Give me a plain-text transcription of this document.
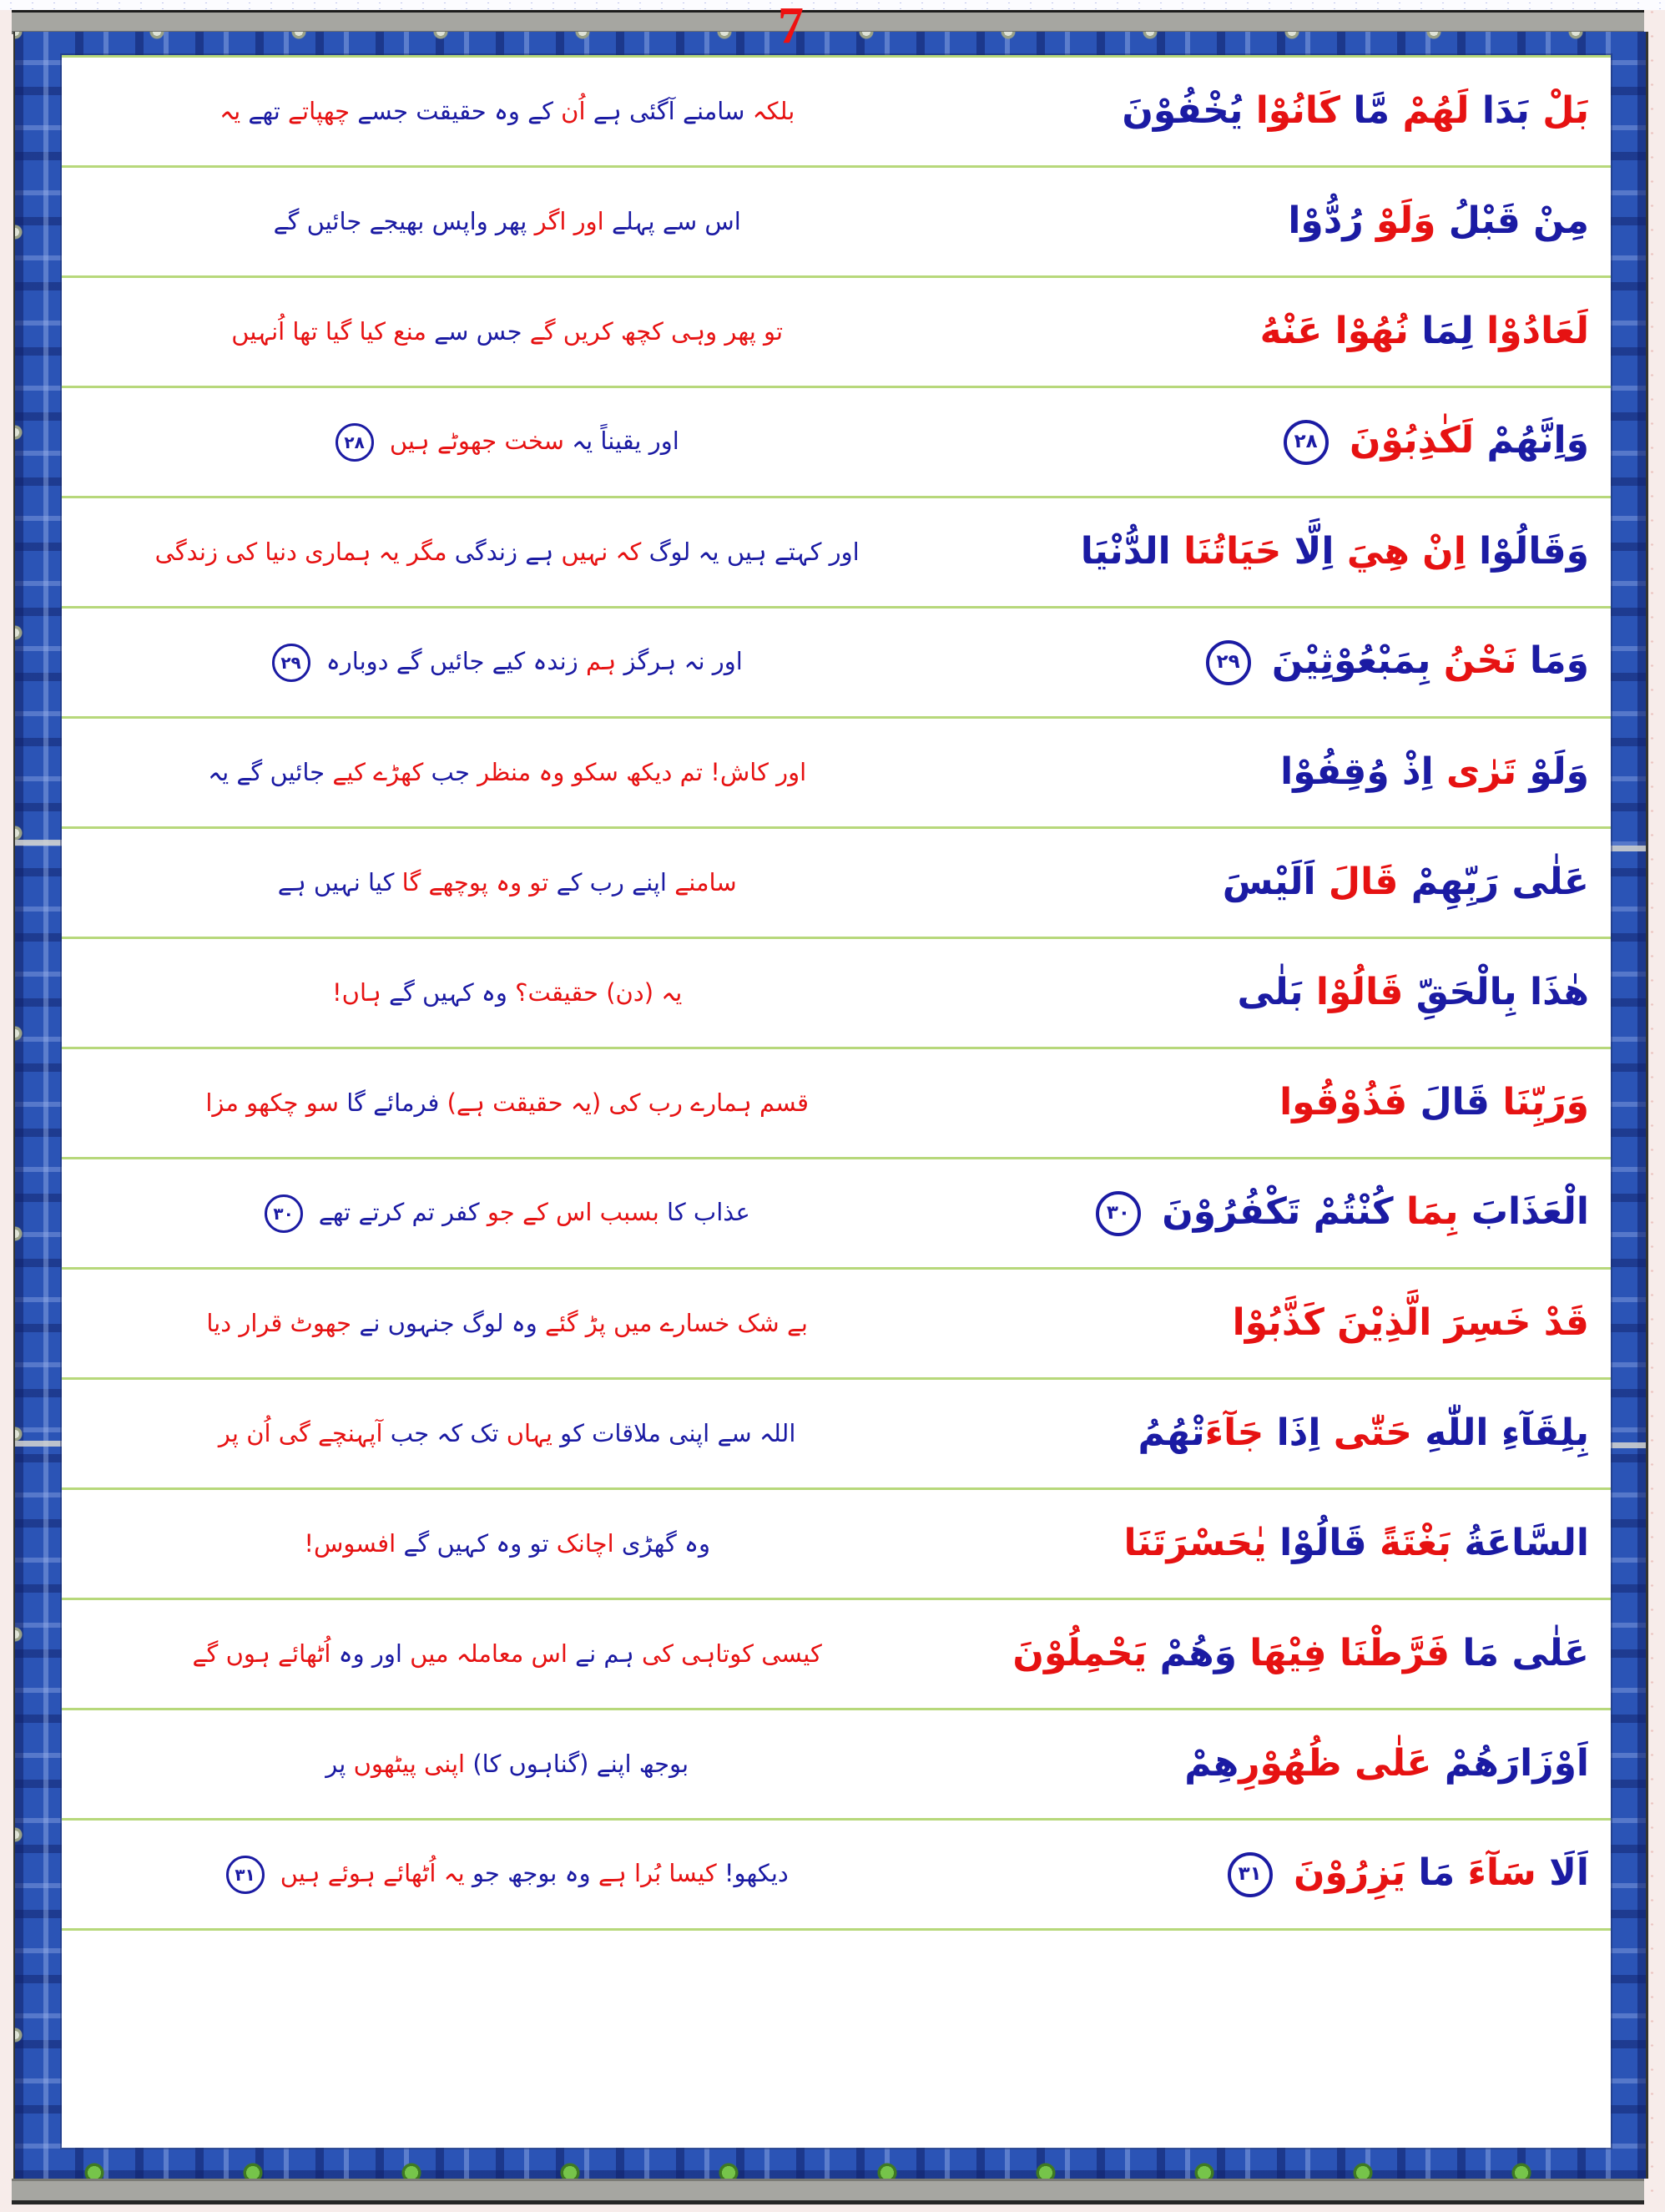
7
بلکہ سامنے آگئی ہے اُن کے وہ حقیقت جسے چھپاتے تھے یہ	بَلْ بَدَا لَهُمْ مَّا كَانُوْا يُخْفُوْنَ
اس سے پہلے اور اگر پھر واپس بھیجے جائیں گے	مِنْ قَبْلُ وَلَوْ رُدُّوْا
تو پھر وہی کچھ کریں گے جس سے منع کیا گیا تھا اُنہیں	لَعَادُوْا لِمَا نُهُوْا عَنْهُ
اور یقیناً یہ سخت جھوٹے ہیں ۲۸	وَاِنَّهُمْ لَكٰذِبُوْنَ ۲۸
اور کہتے ہیں یہ لوگ کہ نہیں ہے زندگی مگر یہ ہماری دنیا کی زندگی	وَقَالُوْا اِنْ هِيَ اِلَّا حَيَاتُنَا الدُّنْيَا
اور نہ ہرگز ہم زندہ کیے جائیں گے دوبارہ ۲۹	وَمَا نَحْنُ بِمَبْعُوْثِيْنَ ۲۹
اور کاش! تم دیکھ سکو وہ منظر جب کھڑے کیے جائیں گے یہ	وَلَوْ تَرٰى اِذْ وُقِفُوْا
سامنے اپنے رب کے تو وہ پوچھے گا کیا نہیں ہے	عَلٰى رَبِّهِمْ قَالَ اَلَيْسَ
یہ (دن) حقیقت؟ وہ کہیں گے ہاں!	هٰذَا بِالْحَقِّ قَالُوْا بَلٰى
قسم ہمارے رب کی (یہ حقیقت ہے) فرمائے گا سو چکھو مزا	وَرَبِّنَا قَالَ فَذُوْقُوا
عذاب کا بسبب اس کے جو کفر تم کرتے تھے ۳۰	الْعَذَابَ بِمَا كُنْتُمْ تَكْفُرُوْنَ ۳۰
بے شک خسارے میں پڑ گئے وہ لوگ جنہوں نے جھوٹ قرار دیا	قَدْ خَسِرَ الَّذِيْنَ كَذَّبُوْا
اللہ سے اپنی ملاقات کو یہاں تک کہ جب آپہنچے گی اُن پر	بِلِقَآءِ اللّٰهِ حَتّٰى اِذَا جَآءَتْهُمُ
وہ گھڑی اچانک تو وہ کہیں گے افسوس!	السَّاعَةُ بَغْتَةً قَالُوْا يٰحَسْرَتَنَا
کیسی کوتاہی کی ہم نے اس معاملہ میں اور وہ اُٹھائے ہوں گے	عَلٰى مَا فَرَّطْنَا فِيْهَا وَهُمْ يَحْمِلُوْنَ
بوجھ اپنے (گناہوں کا) اپنی پیٹھوں پر	اَوْزَارَهُمْ عَلٰى ظُهُوْرِهِمْ
دیکھو! کیسا بُرا ہے وہ بوجھ جو یہ اُٹھائے ہوئے ہیں ۳۱	اَلَا سَآءَ مَا يَزِرُوْنَ ۳۱
